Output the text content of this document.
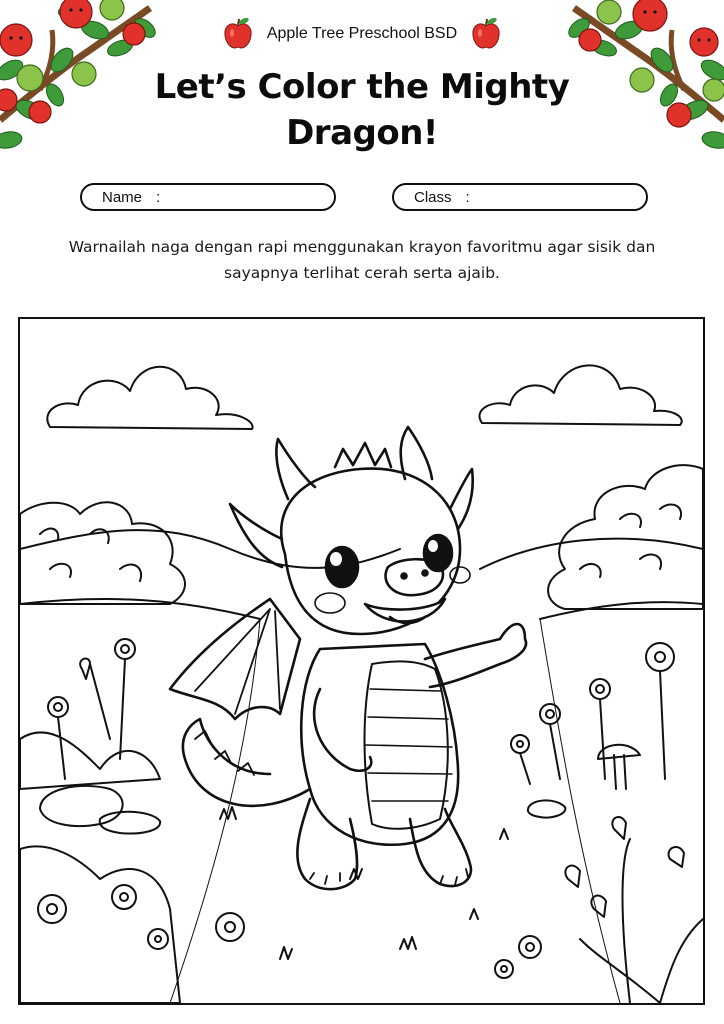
Apple Tree Preschool BSD
Let’s Color the Mighty Dragon!
Name :	Class :

Warnailah naga dengan rapi menggunakan krayon favoritmu agar sisik dan sayapnya terlihat cerah serta ajaib.
